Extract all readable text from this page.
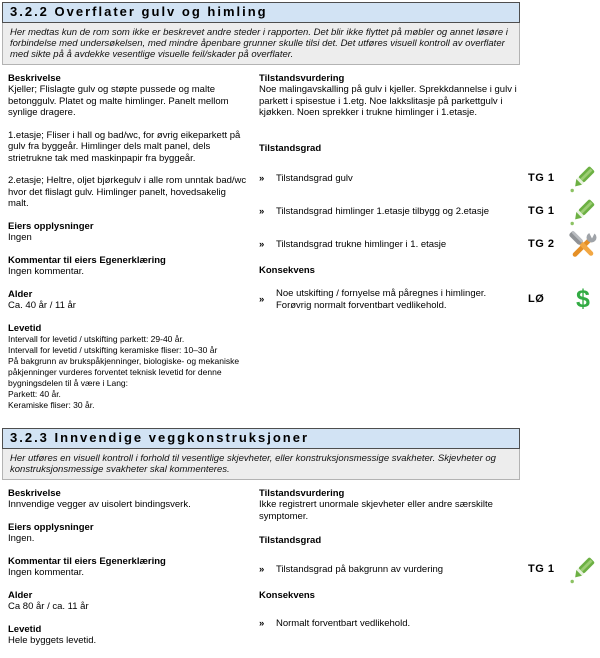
3.2.2 Overflater gulv og himling
Her medtas kun de rom som ikke er beskrevet andre steder i rapporten. Det blir ikke flyttet på møbler og annet løsøre i forbindelse med undersøkelsen, med mindre åpenbare grunner skulle tilsi det. Det utføres visuell kontroll av overflater med sikte på å avdekke vesentlige visuelle feil/skader på overflater.
Beskrivelse

Kjeller; Flislagte gulv og støpte pussede og malte betonggulv. Platet og malte himlinger. Panelt mellom synlige dragere.

1.etasje; Fliser i hall og bad/wc, for øvrig eikeparkett på gulv fra byggeår. Himlinger dels malt panel, dels strietrukne tak med maskinpapir fra byggeår.

2.etasje; Heltre, oljet bjørkegulv i alle rom unntak bad/wc hvor det flislagt gulv. Himlinger panelt, hovedsakelig malt.

Eiers opplysninger

Ingen

Kommentar til eiers Egenerklæring

Ingen kommentar.

Alder

Ca. 40 år / 11 år

Levetid

Intervall for levetid / utskifting parkett: 29-40 år.

Intervall for levetid / utskifting keramiske fliser: 10–30 år

På bakgrunn av brukspåkjenninger, biologiske- og mekaniske påkjenninger vurderes forventet teknisk levetid for denne bygningsdelen til å være i Lang:

Parkett: 40 år.

Keramiske fliser: 30 år.

Tilstandsvurdering

Noe malingavskalling på gulv i kjeller. Sprekkdannelse i gulv i parkett i spisestue i 1.etg. Noe lakkslitasje på parkettgulv i kjøkken. Noen sprekker i trukne himlinger i 1.etasje.

Tilstandsgrad
»	Tilstandsgrad gulv	TG 1
»	Tilstandsgrad himlinger 1.etasje tilbygg og 2.etasje	TG 1
»	Tilstandsgrad trukne himlinger i 1. etasje	TG 2
Konsekvens
»
Noe utskifting / fornyelse må påregnes i himlinger. Forøvrig normalt forventbart vedlikehold.
LØ	$
3.2.3 Innvendige veggkonstruksjoner
Her utføres en visuell kontroll i forhold til vesentlige skjevheter, eller konstruksjonsmessige svakheter. Skjevheter og konstruksjonsmessige svakheter skal kommenteres.
Beskrivelse

Innvendige vegger av uisolert bindingsverk.

Eiers opplysninger

Ingen.

Kommentar til eiers Egenerklæring

Ingen kommentar.

Alder

Ca 80 år / ca. 11 år

Levetid

Hele byggets levetid.

Tilstandsvurdering

Ikke registrert unormale skjevheter eller andre særskilte symptomer.

Tilstandsgrad
»	Tilstandsgrad på bakgrunn av vurdering	TG 1
Konsekvens
»	Normalt forventbart vedlikehold.
